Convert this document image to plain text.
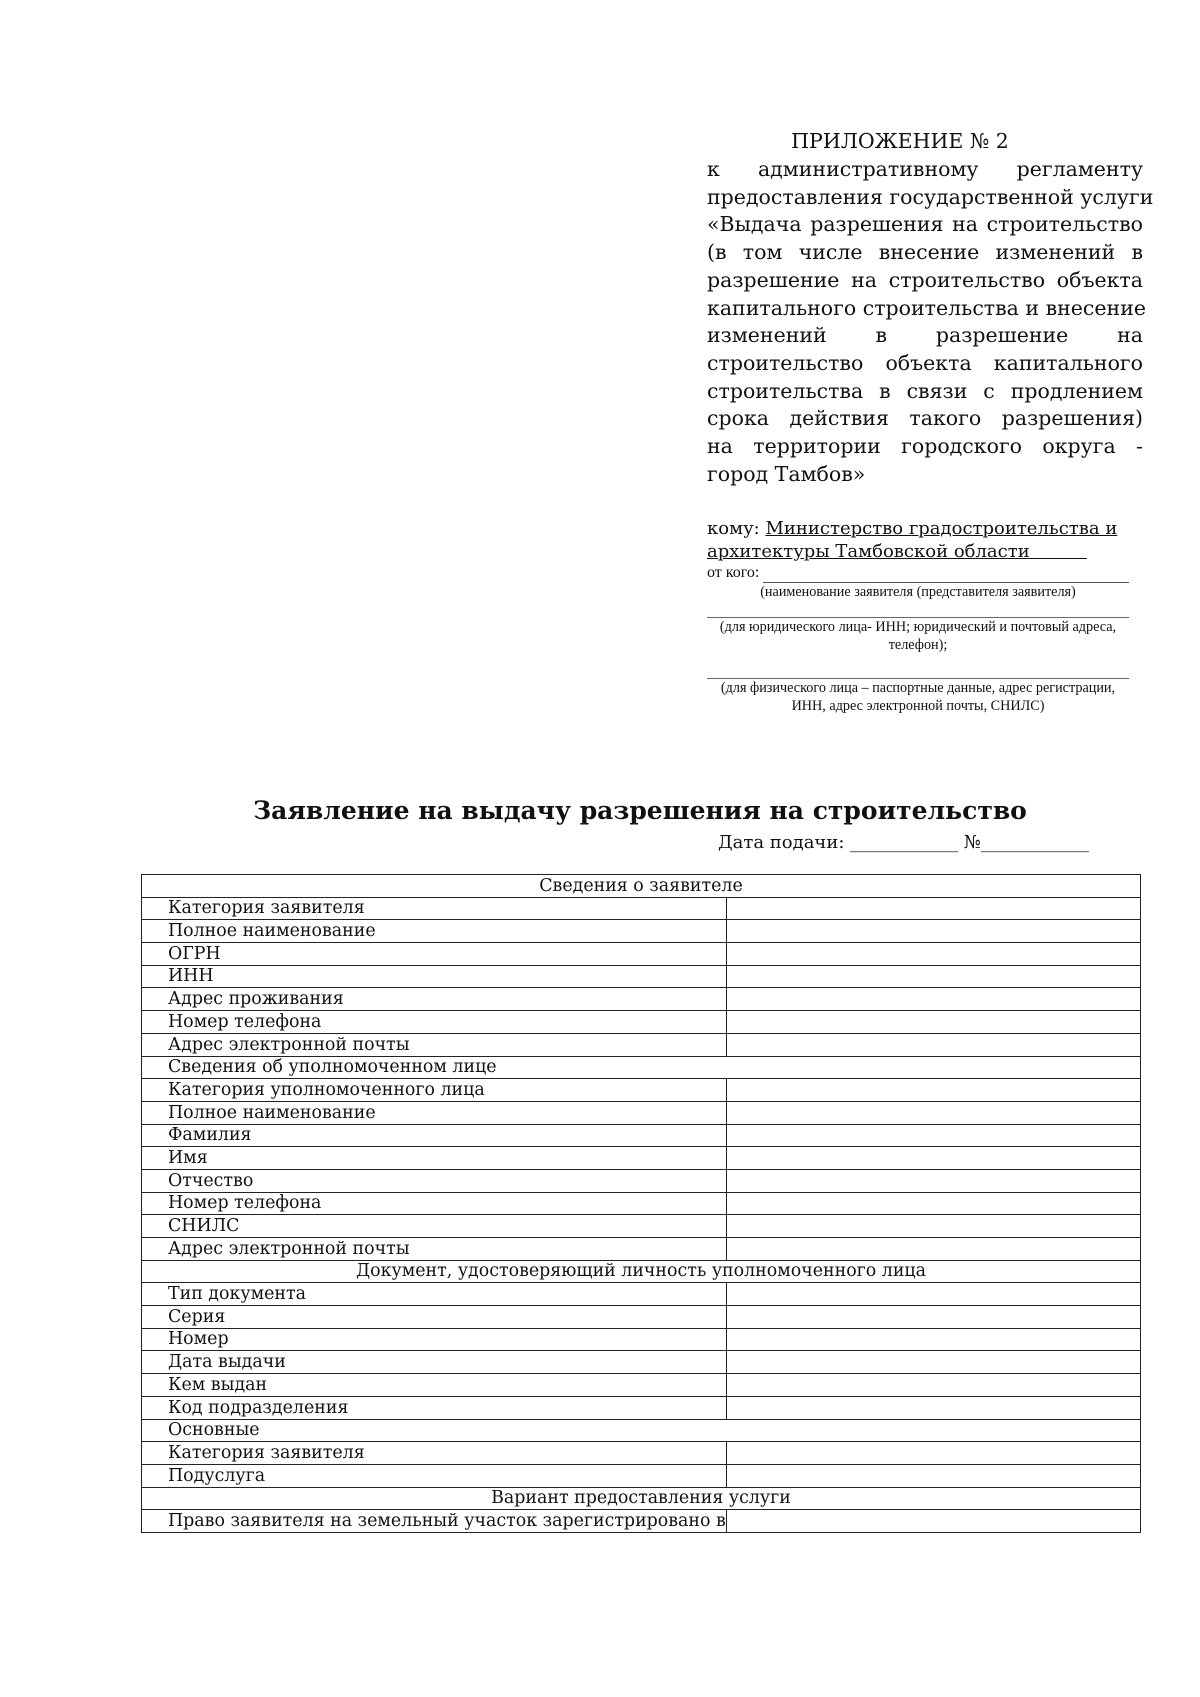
ПРИЛОЖЕНИЕ № 2
к административному регламенту
предоставления государственной услуги
«Выдача разрешения на строительство
(в том числе внесение изменений в
разрешение на строительство объекта
капитального строительства и внесение
изменений в разрешение на
строительство объекта капитального
строительства в связи с продлением
срока действия такого разрешения)
на территории городского округа -
город Тамбов»
кому: Министерство градостроительства и
архитектуры Тамбовской области
от кого:
(наименование заявителя (представителя заявителя)
(для юридического лица- ИНН; юридический и почтовый адреса, телефон);
(для физического лица – паспортные данные, адрес регистрации,
ИНН, адрес электронной почты, СНИЛС)
Заявление на выдачу разрешения на строительство
Дата подачи: ____________ №____________
Сведения о заявителе	
Категория заявителя	
Полное наименование	
ОГРН	
ИНН	
Адрес проживания	
Номер телефона	
Адрес электронной почты	
Сведения об уполномоченном лице	
Категория уполномоченного лица	
Полное наименование	
Фамилия	
Имя	
Отчество	
Номер телефона	
СНИЛС	
Адрес электронной почты	
Документ, удостоверяющий личность уполномоченного лица	
Тип документа	
Серия	
Номер	
Дата выдачи	
Кем выдан	
Код подразделения	
Основные	
Категория заявителя	
Подуслуга	
Вариант предоставления услуги	
Право заявителя на земельный участок зарегистрировано в	
